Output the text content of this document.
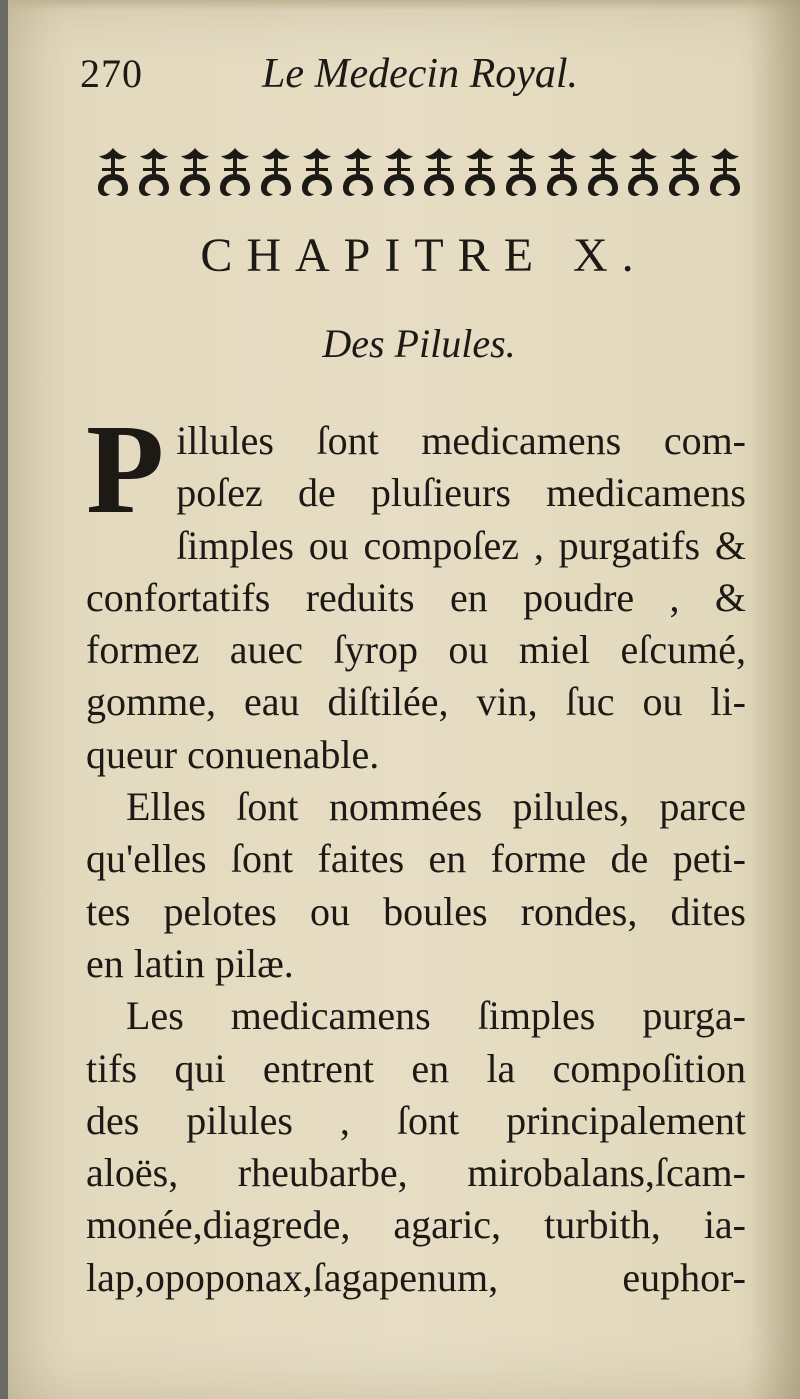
270	Le Medecin Royal.
CHAPITRE X.
Des Pilules.
P illules ſont medicamens com-
poſez de pluſieurs medicamens
ſimples ou compoſez , purgatifs &
confortatifs reduits en poudre , &
formez auec ſyrop ou miel eſcumé,
gomme, eau diſtilée, vin, ſuc ou li-
queur conuenable.
Elles ſont nommées pilules, parce
qu'elles ſont faites en forme de peti-
tes pelotes ou boules rondes, dites
en latin pilæ.
Les medicamens ſimples purga-
tifs qui entrent en la compoſition
des pilules , ſont principalement
aloës, rheubarbe, mirobalans,ſcam-
monée,diagrede, agaric, turbith, ia-
lap,opoponax,ſagapenum, euphor-
